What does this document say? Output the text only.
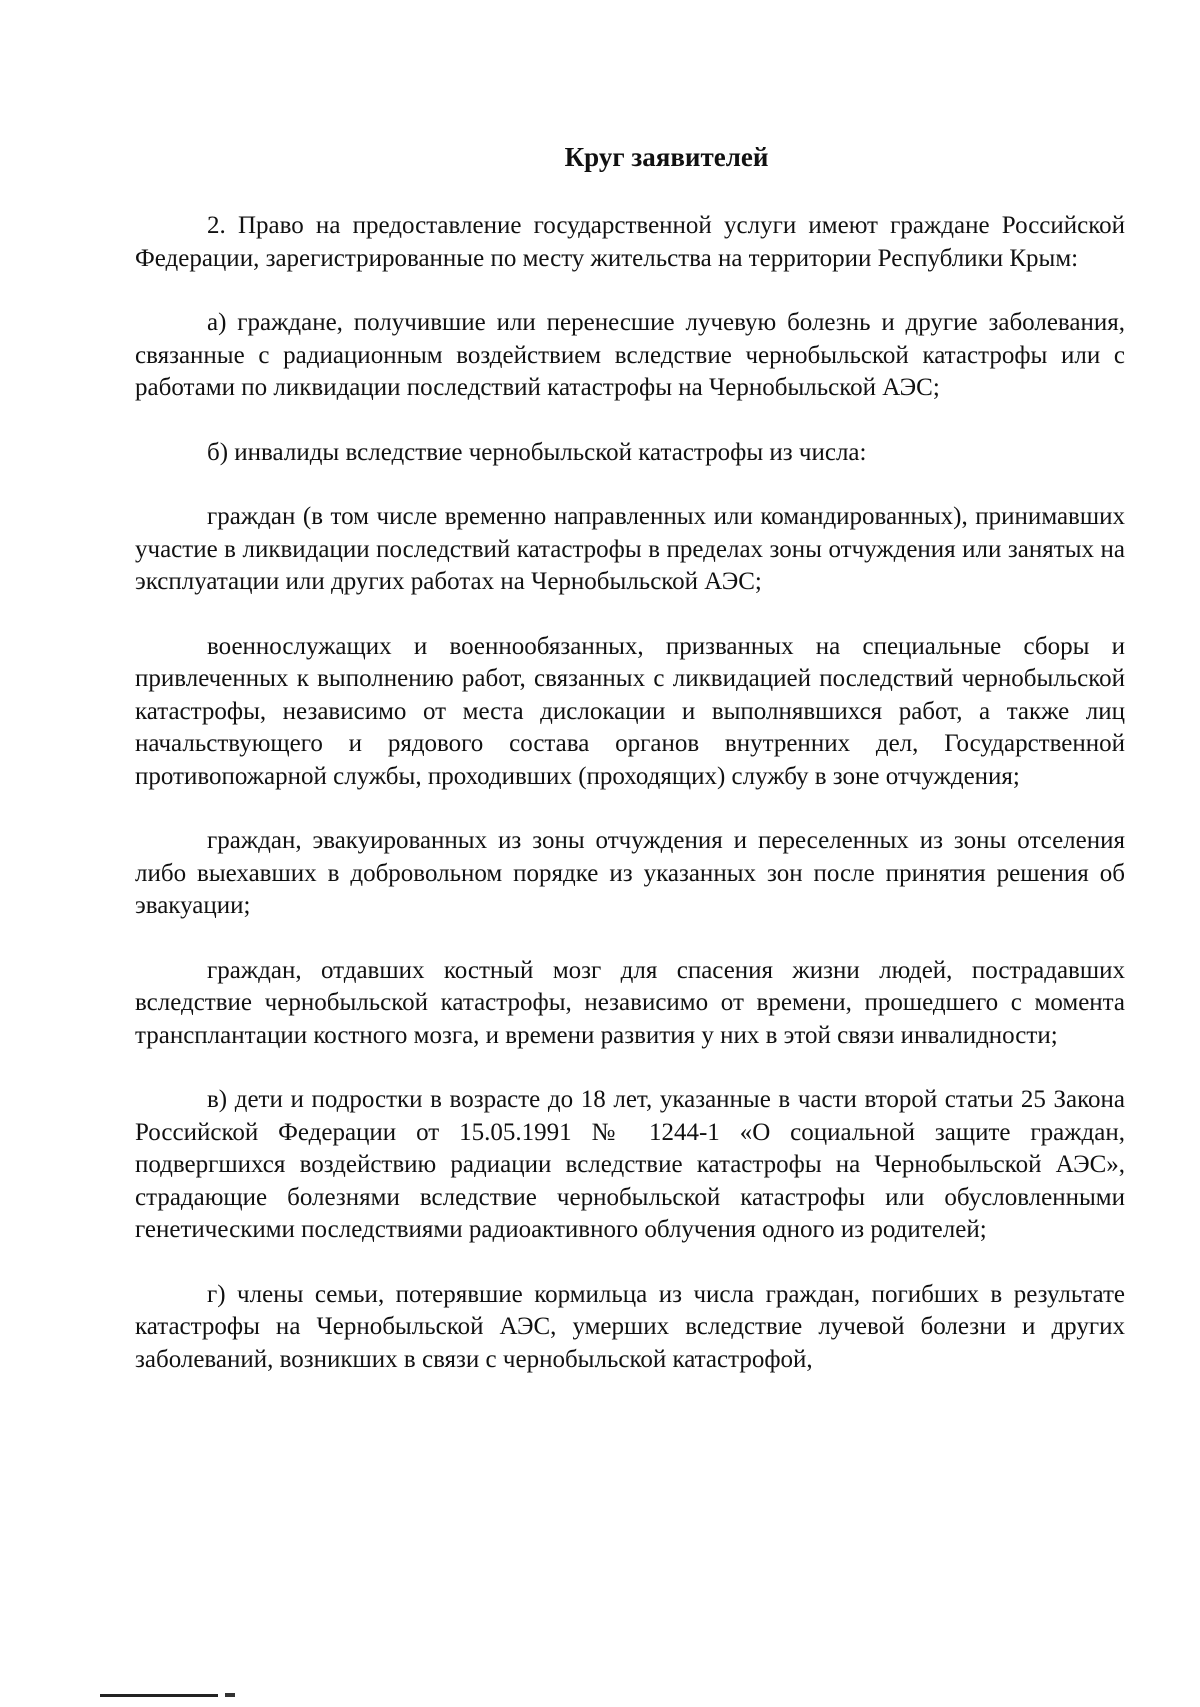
Круг заявителей

2. Право на предоставление государственной услуги имеют граждане Российской Федерации, зарегистрированные по месту жительства на территории Республики Крым:

а) граждане, получившие или перенесшие лучевую болезнь и другие заболевания, связанные с радиационным воздействием вследствие чернобыльской катастрофы или с работами по ликвидации последствий катастрофы на Чернобыльской АЭС;

б) инвалиды вследствие чернобыльской катастрофы из числа:

граждан (в том числе временно направленных или командированных), принимавших участие в ликвидации последствий катастрофы в пределах зоны отчуждения или занятых на эксплуатации или других работах на Чернобыльской АЭС;

военнослужащих и военнообязанных, призванных на специальные сборы и привлеченных к выполнению работ, связанных с ликвидацией последствий чернобыльской катастрофы, независимо от места дислокации и выполнявшихся работ, а также лиц начальствующего и рядового состава органов внутренних дел, Государственной противопожарной службы, проходивших (проходящих) службу в зоне отчуждения;

граждан, эвакуированных из зоны отчуждения и переселенных из зоны отселения либо выехавших в добровольном порядке из указанных зон после принятия решения об эвакуации;

граждан, отдавших костный мозг для спасения жизни людей, пострадавших вследствие чернобыльской катастрофы, независимо от времени, прошедшего с момента трансплантации костного мозга, и времени развития у них в этой связи инвалидности;

в) дети и подростки в возрасте до 18 лет, указанные в части второй статьи 25 Закона Российской Федерации от 15.05.1991 № 1244-1 «О социальной защите граждан, подвергшихся воздействию радиации вследствие катастрофы на Чернобыльской АЭС», страдающие болезнями вследствие чернобыльской катастрофы или обусловленными генетическими последствиями радиоактивного облучения одного из родителей;

г) члены семьи, потерявшие кормильца из числа граждан, погибших в результате катастрофы на Чернобыльской АЭС, умерших вследствие лучевой болезни и других заболеваний, возникших в связи с чернобыльской катастрофой,
